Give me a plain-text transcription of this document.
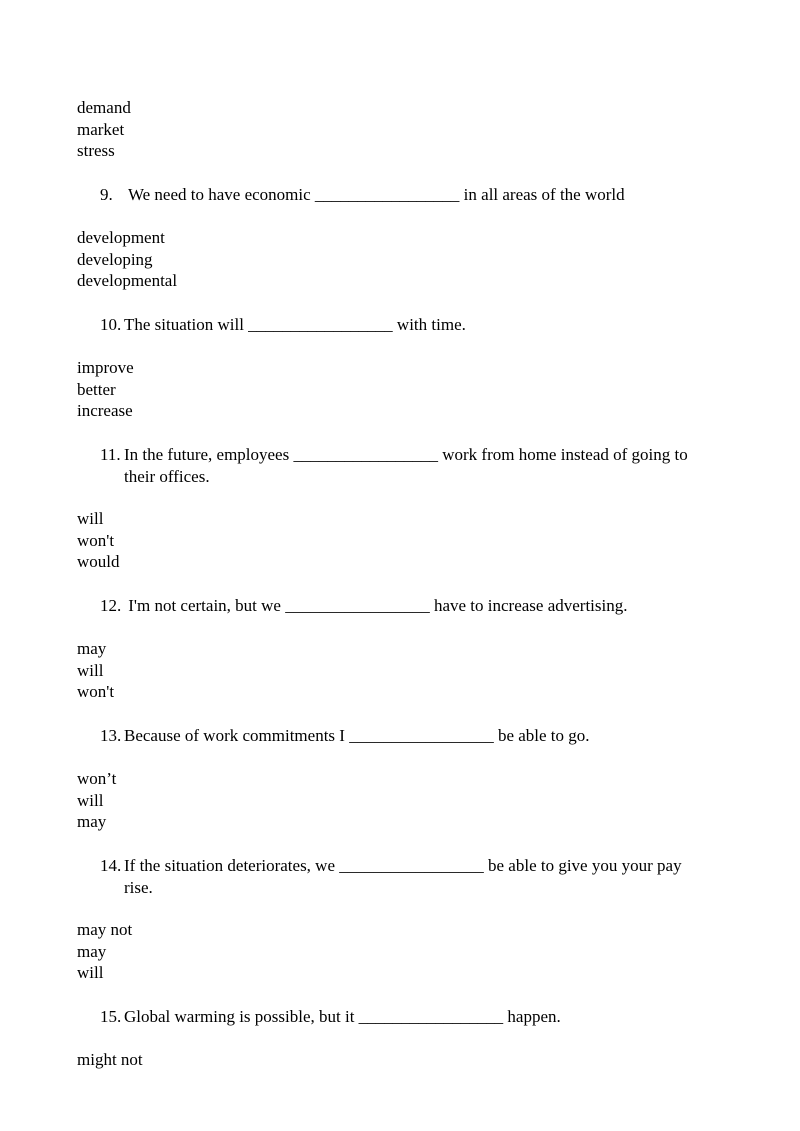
demand
market
stress
9. We need to have economic _________________ in all areas of the world
development
developing
developmental
10. The situation will _________________ with time.
improve
better
increase
11. In the future, employees _________________ work from home instead of going to
their offices.
will
won't
would
12. I'm not certain, but we _________________ have to increase advertising.
may
will
won't
13. Because of work commitments I _________________ be able to go.
won’t
will
may
14. If the situation deteriorates, we _________________ be able to give you your pay
rise.
may not
may
will
15. Global warming is possible, but it _________________ happen.
might not
